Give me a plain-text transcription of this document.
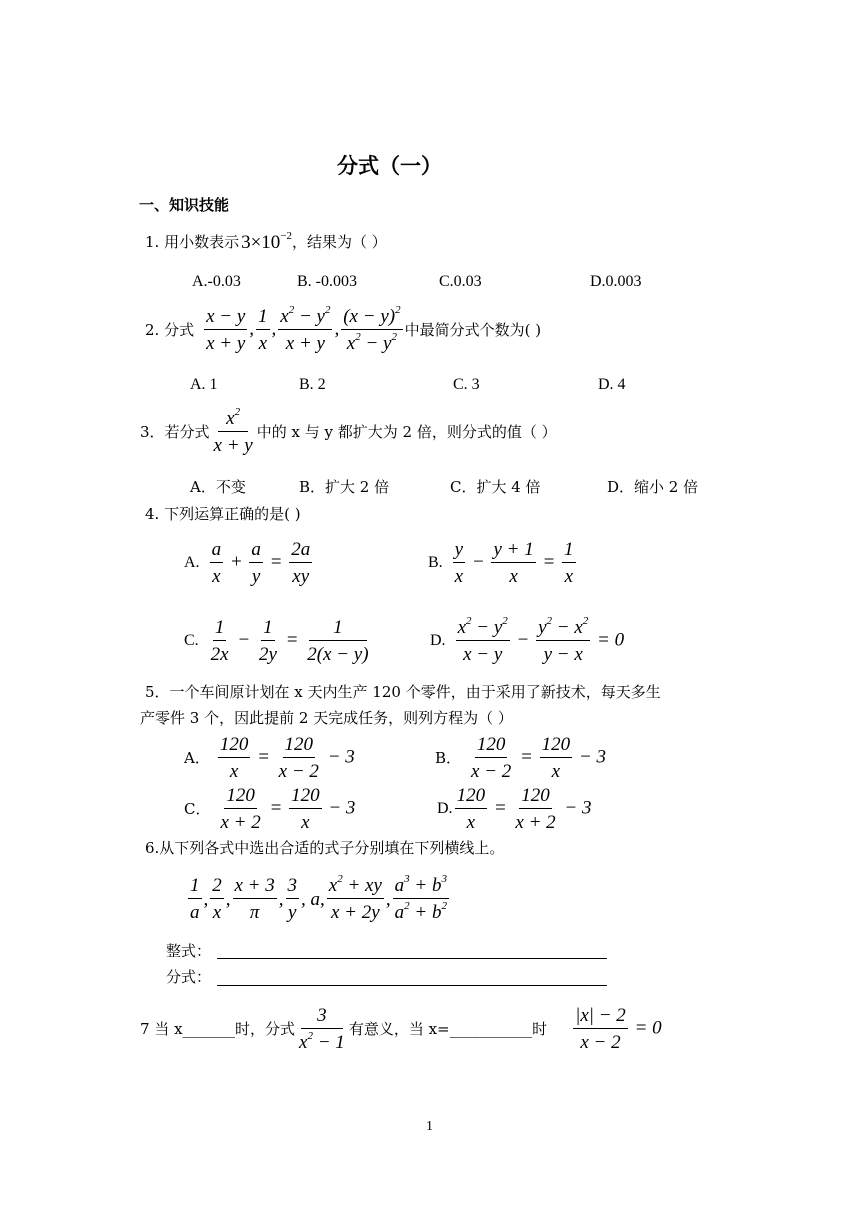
分式（一）
一、知识技能
1. 用小数表示 $3\times 10^{-2}$ ，结果为（ ）
A.-0.03	B. -0.003	C.0.03	D.0.003
2. 分式 $\frac{x - y}{x + y}$ , $\frac{1}{x}$ , $\frac{x^2 - y^2}{x + y}$ , $\frac{(x - y)^2}{x^2 - y^2}$ 中最简分式个数为( )
A. 1	B. 2	C. 3	D. 4
3．若分式 $\frac{x^2}{x + y}$ 中的 x 与 y 都扩大为 2 倍，则分式的值（ ）
A．不变	B．扩大 2 倍	C．扩大 4 倍	D．缩小 2 倍
4. 下列运算正确的是( )
A. $\frac{a}{x} + \frac{a}{y} = \frac{2a}{xy}$	B. $\frac{y}{x} - \frac{y + 1}{x} = \frac{1}{x}$
C. $\frac{1}{2x} - \frac{1}{2y} = \frac{1}{2(x - y)}$	D. $\frac{x^2 - y^2}{x - y} - \frac{y^2 - x^2}{y - x} = 0$
5．一个车间原计划在 x 天内生产 120 个零件，由于采用了新技术，每天多生
产零件 3 个，因此提前 2 天完成任务，则列方程为（ ）
A． $\frac{120}{x} = \frac{120}{x - 2} - 3$	B． $\frac{120}{x - 2} = \frac{120}{x} - 3$
C． $\frac{120}{x + 2} = \frac{120}{x} - 3$	D. $\frac{120}{x} = \frac{120}{x + 2} - 3$
6.从下列各式中选出合适的式子分别填在下列横线上。
$\frac{1}{a}$ , $\frac{2}{x}$ , $\frac{x + 3}{\pi}$ , $\frac{3}{y}$ , a, $\frac{x^2 + xy}{x + 2y}$ , $\frac{a^3 + b^3}{a^2 + b^2}$
整式：
分式：
7 当 x_______时，分式 $\frac{3}{x^2 - 1}$ 有意义，当 x=___________时 $\frac{|x| - 2}{x - 2} = 0$
1
